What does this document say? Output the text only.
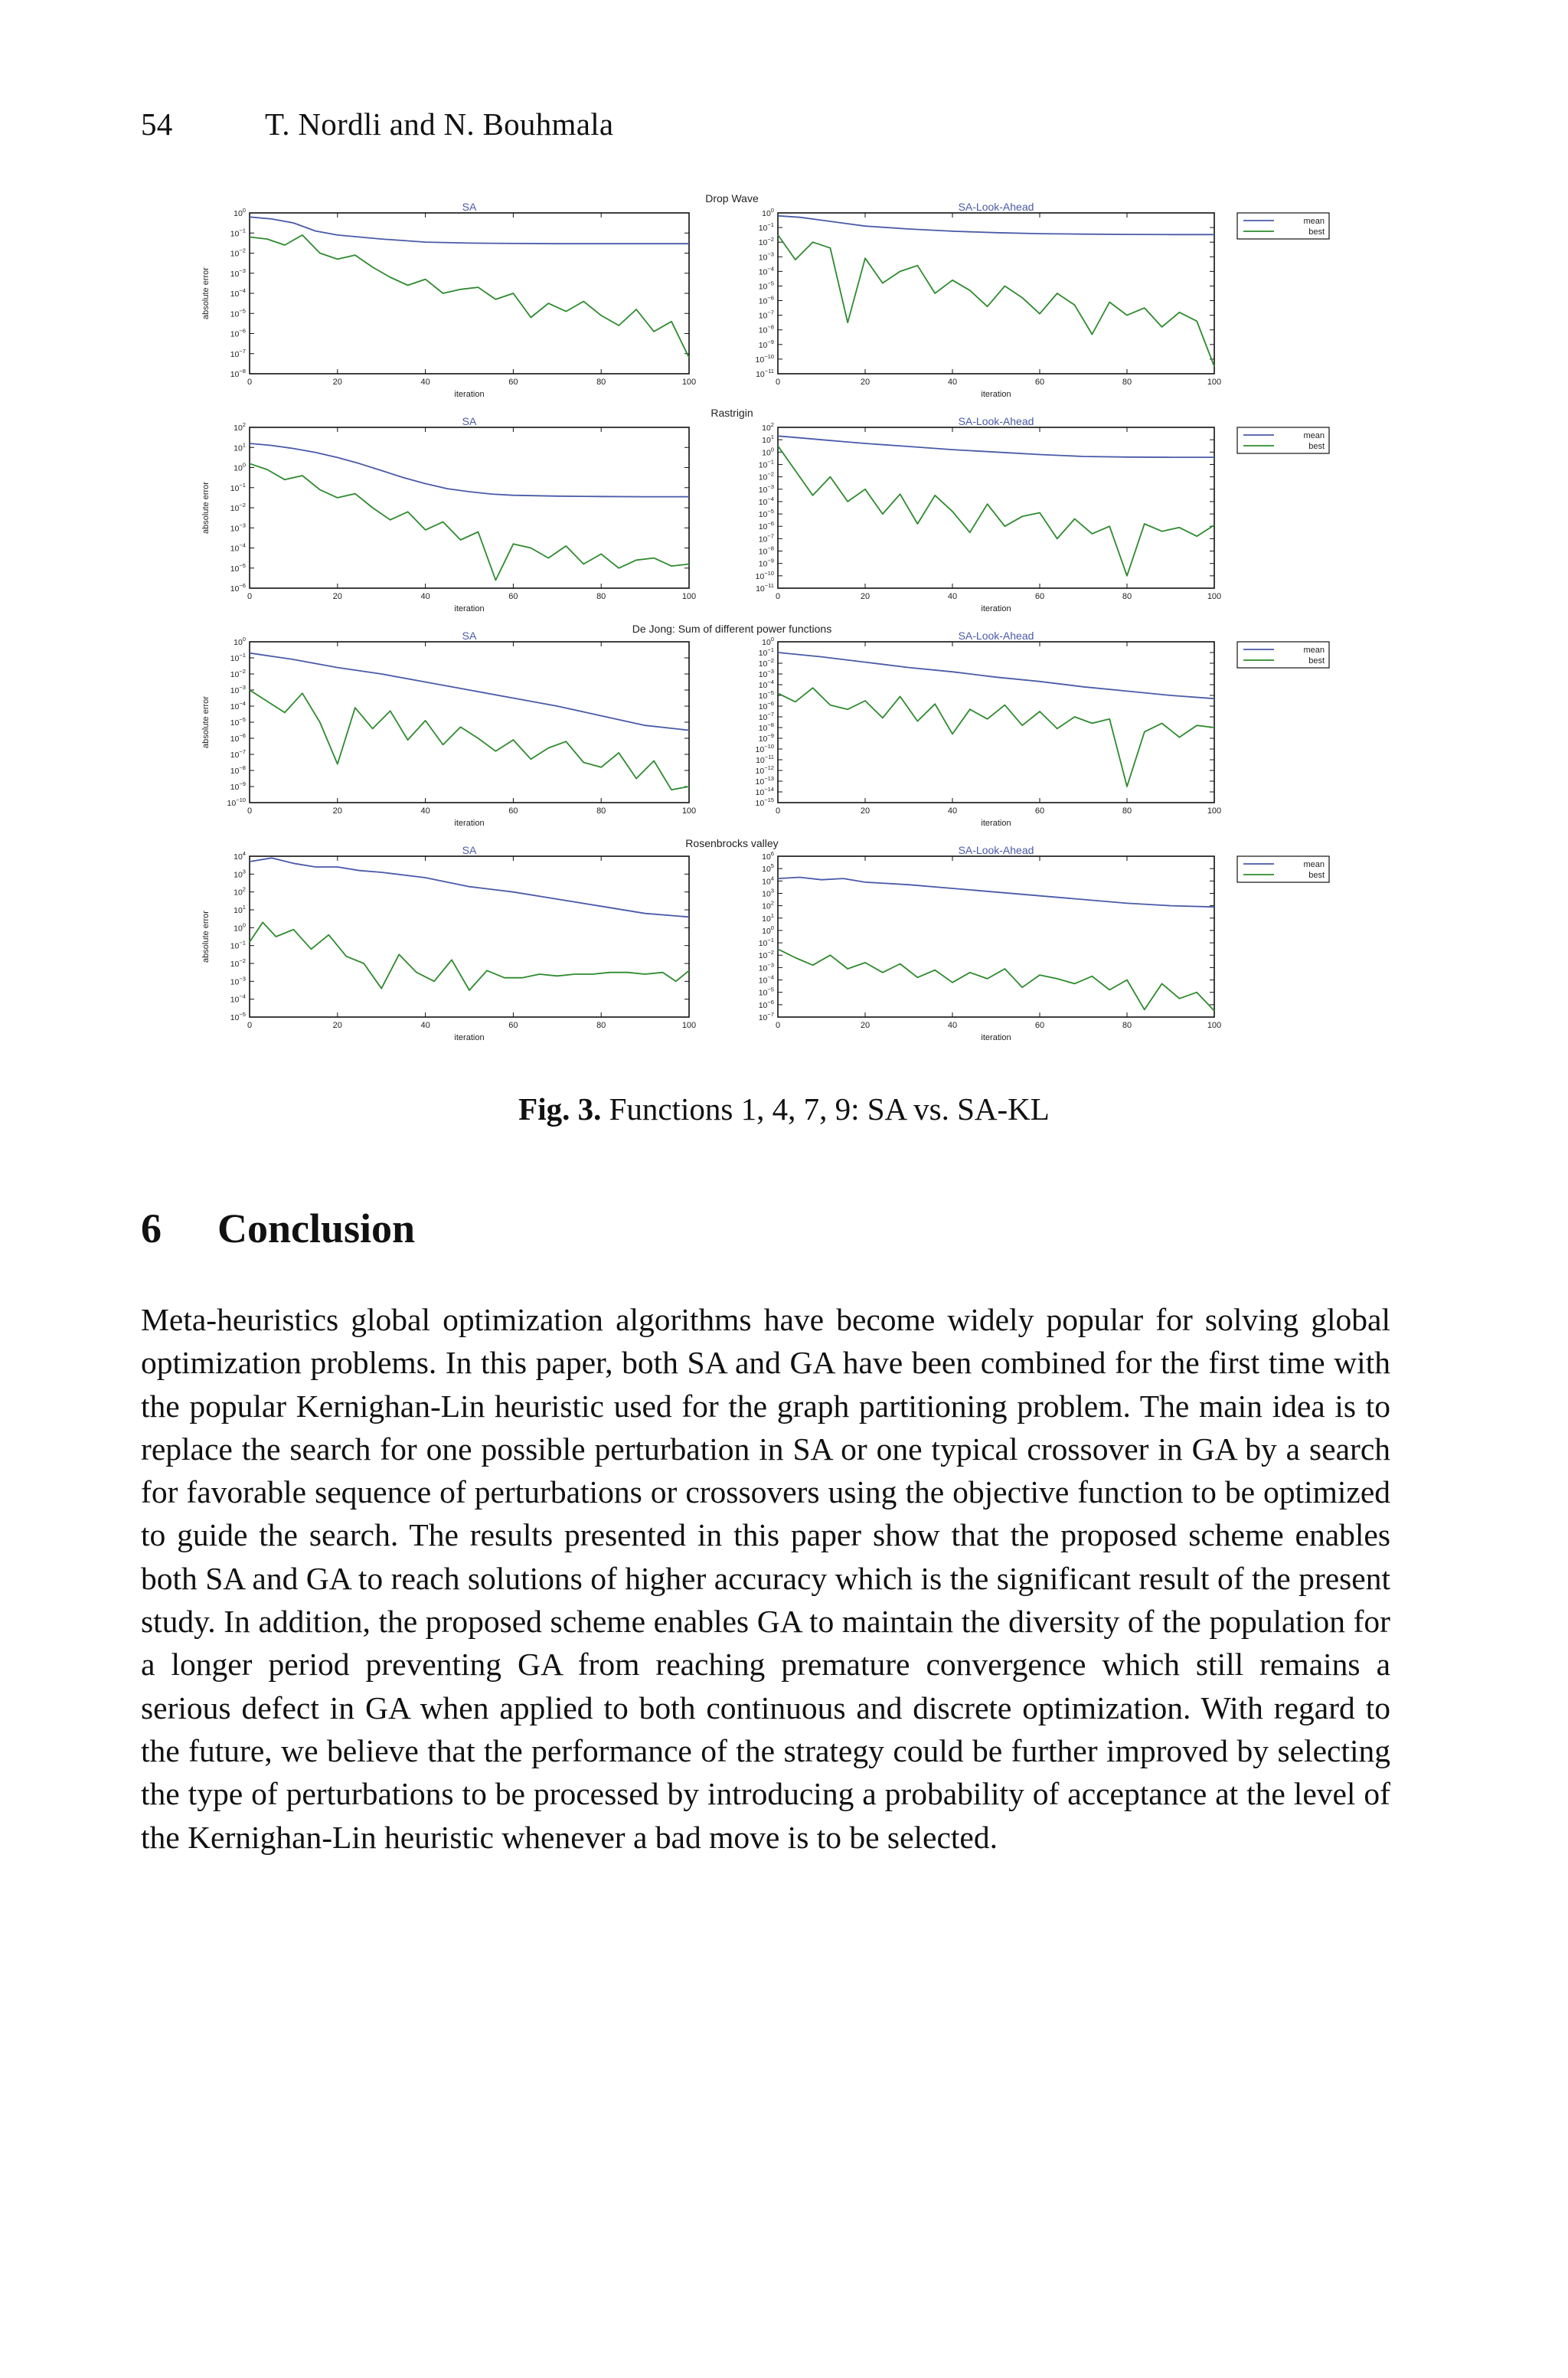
54	T. Nordli and N. Bouhmala
Drop Wave
SA
$10^0$
$10^{-1}$
$10^{-2}$
$10^{-3}$
$10^{-4}$
$10^{-5}$
$10^{-6}$
$10^{-7}$
$10^{-8}$
0	20	40	60	80	100
iteration
absolute error
SA-Look-Ahead
$10^0$
$10^{-1}$
$10^{-2}$
$10^{-3}$
$10^{-4}$
$10^{-5}$
$10^{-6}$
$10^{-7}$
$10^{-8}$
$10^{-9}$
$10^{-10}$
$10^{-11}$
0	20	40	60	80	100
iteration
mean
best
Rastrigin
SA
$10^2$
$10^1$
$10^0$
$10^{-1}$
$10^{-2}$
$10^{-3}$
$10^{-4}$
$10^{-5}$
$10^{-6}$
0	20	40	60	80	100
iteration
absolute error
SA-Look-Ahead
$10^2$
$10^1$
$10^0$
$10^{-1}$
$10^{-2}$
$10^{-3}$
$10^{-4}$
$10^{-5}$
$10^{-6}$
$10^{-7}$
$10^{-8}$
$10^{-9}$
$10^{-10}$
$10^{-11}$
0	20	40	60	80	100
iteration
mean
best
De Jong: Sum of different power functions
SA
$10^0$
$10^{-1}$
$10^{-2}$
$10^{-3}$
$10^{-4}$
$10^{-5}$
$10^{-6}$
$10^{-7}$
$10^{-8}$
$10^{-9}$
$10^{-10}$
0	20	40	60	80	100
iteration
absolute error
SA-Look-Ahead
$10^0$
$10^{-1}$
$10^{-2}$
$10^{-3}$
$10^{-4}$
$10^{-5}$
$10^{-6}$
$10^{-7}$
$10^{-8}$
$10^{-9}$
$10^{-10}$
$10^{-11}$
$10^{-12}$
$10^{-13}$
$10^{-14}$
$10^{-15}$
0	20	40	60	80	100
iteration
mean
best
Rosenbrocks valley
SA
$10^4$
$10^3$
$10^2$
$10^1$
$10^0$
$10^{-1}$
$10^{-2}$
$10^{-3}$
$10^{-4}$
$10^{-5}$
0	20	40	60	80	100
iteration
absolute error
SA-Look-Ahead
$10^6$
$10^5$
$10^4$
$10^3$
$10^2$
$10^1$
$10^0$
$10^{-1}$
$10^{-2}$
$10^{-3}$
$10^{-4}$
$10^{-5}$
$10^{-6}$
$10^{-7}$
0	20	40	60	80	100
iteration
mean
best
Fig. 3. Functions 1, 4, 7, 9: SA vs. SA-KL
6 Conclusion
Meta-heuristics global optimization algorithms have become widely popular for solving global optimization problems. In this paper, both SA and GA have been combined for the first time with the popular Kernighan-Lin heuristic used for the graph partitioning problem. The main idea is to replace the search for one possible perturbation in SA or one typical crossover in GA by a search for favorable sequence of perturbations or crossovers using the objective function to be optimized to guide the search. The results presented in this paper show that the proposed scheme enables both SA and GA to reach solutions of higher accuracy which is the significant result of the present study. In addition, the proposed scheme enables GA to maintain the diversity of the population for a longer period preventing GA from reaching premature convergence which still remains a serious defect in GA when applied to both continuous and discrete optimization. With regard to the future, we believe that the performance of the strategy could be further improved by selecting the type of perturbations to be processed by introducing a probability of acceptance at the level of the Kernighan-Lin heuristic whenever a bad move is to be selected.
